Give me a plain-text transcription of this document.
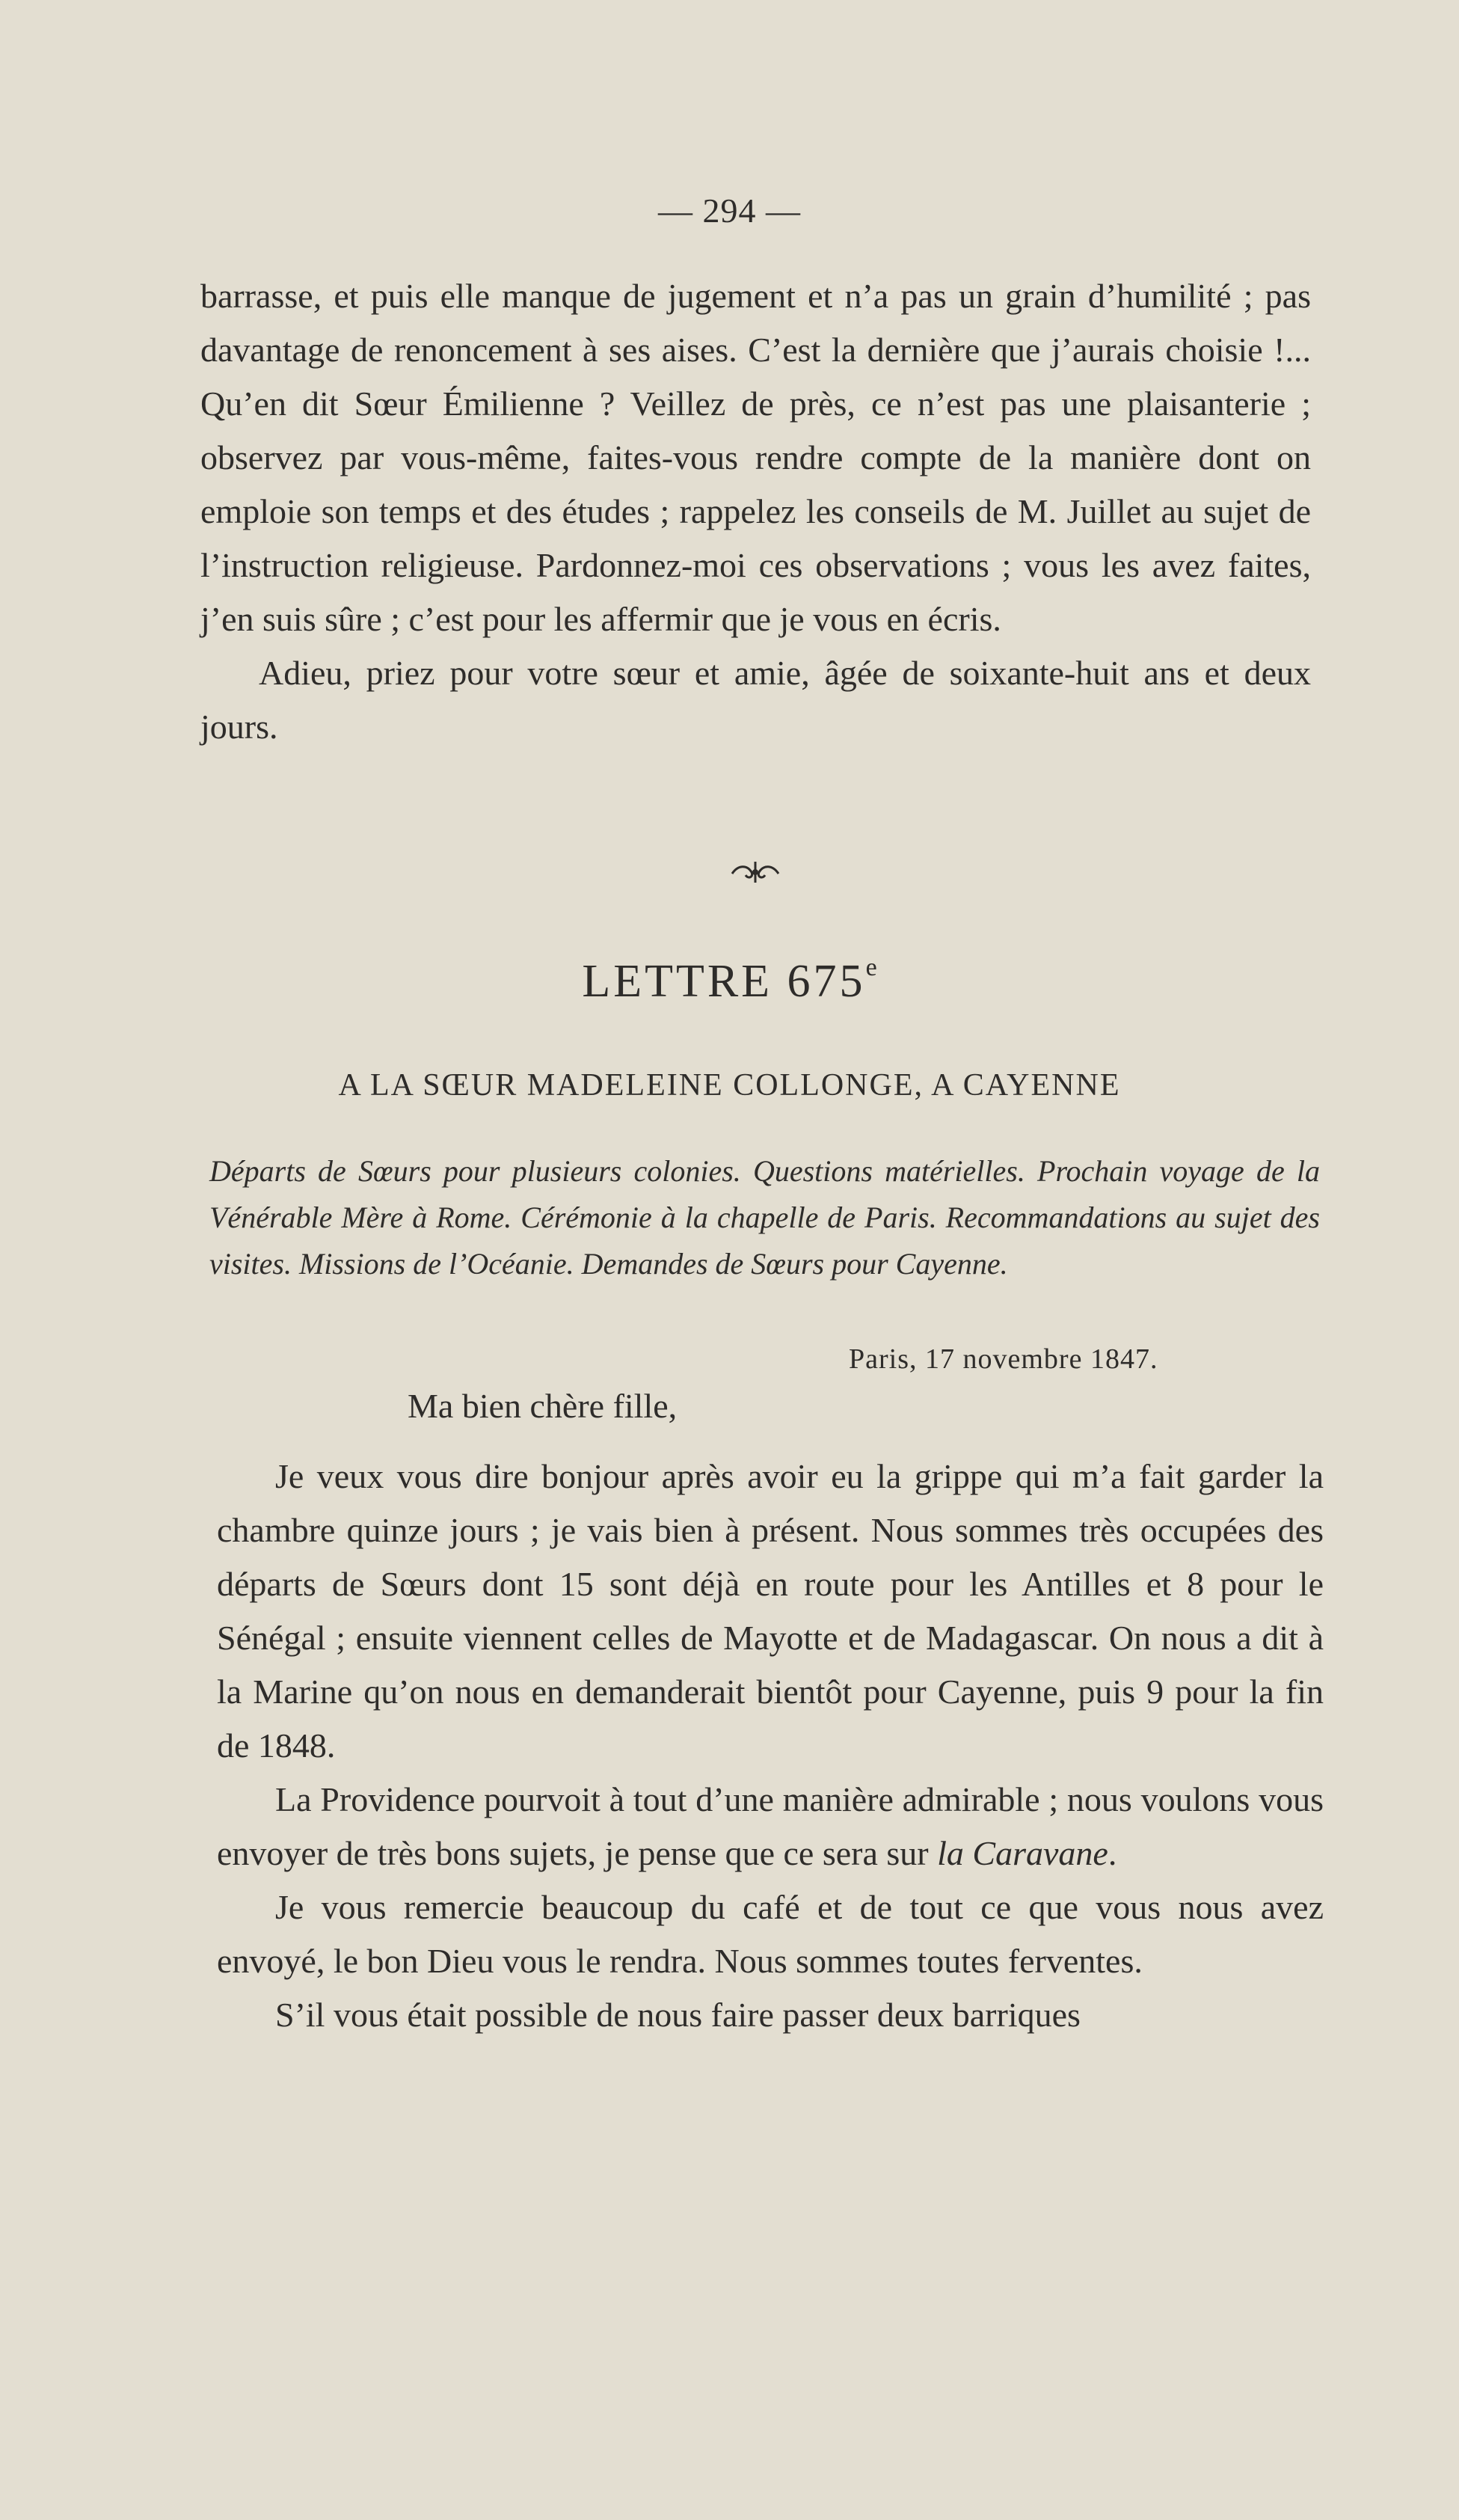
— 294 —

barrasse, et puis elle manque de jugement et n’a pas un grain d’humilité ; pas davantage de renoncement à ses aises. C’est la dernière que j’aurais choisie !... Qu’en dit Sœur Émilienne ? Veillez de près, ce n’est pas une plaisanterie ; observez par vous-même, faites-vous rendre compte de la manière dont on emploie son temps et des études ; rappelez les conseils de M. Juillet au sujet de l’instruction religieuse. Pardonnez-moi ces observations ; vous les avez faites, j’en suis sûre ; c’est pour les affermir que je vous en écris.

Adieu, priez pour votre sœur et amie, âgée de soixante-huit ans et deux jours.

LETTRE 675e
A LA SŒUR MADELEINE COLLONGE, A CAYENNE

Départs de Sœurs pour plusieurs colonies. Questions matérielles. Prochain voyage de la Vénérable Mère à Rome. Cérémonie à la chapelle de Paris. Recommandations au sujet des visites. Missions de l’Océanie. Demandes de Sœurs pour Cayenne.

Paris, 17 novembre 1847.
Ma bien chère fille,

Je veux vous dire bonjour après avoir eu la grippe qui m’a fait garder la chambre quinze jours ; je vais bien à présent. Nous sommes très occupées des départs de Sœurs dont 15 sont déjà en route pour les Antilles et 8 pour le Sénégal ; ensuite viennent celles de Mayotte et de Madagascar. On nous a dit à la Marine qu’on nous en demanderait bientôt pour Cayenne, puis 9 pour la fin de 1848.

La Providence pourvoit à tout d’une manière admirable ; nous voulons vous envoyer de très bons sujets, je pense que ce sera sur la Caravane.

Je vous remercie beaucoup du café et de tout ce que vous nous avez envoyé, le bon Dieu vous le rendra. Nous sommes toutes ferventes.

S’il vous était possible de nous faire passer deux barriques
